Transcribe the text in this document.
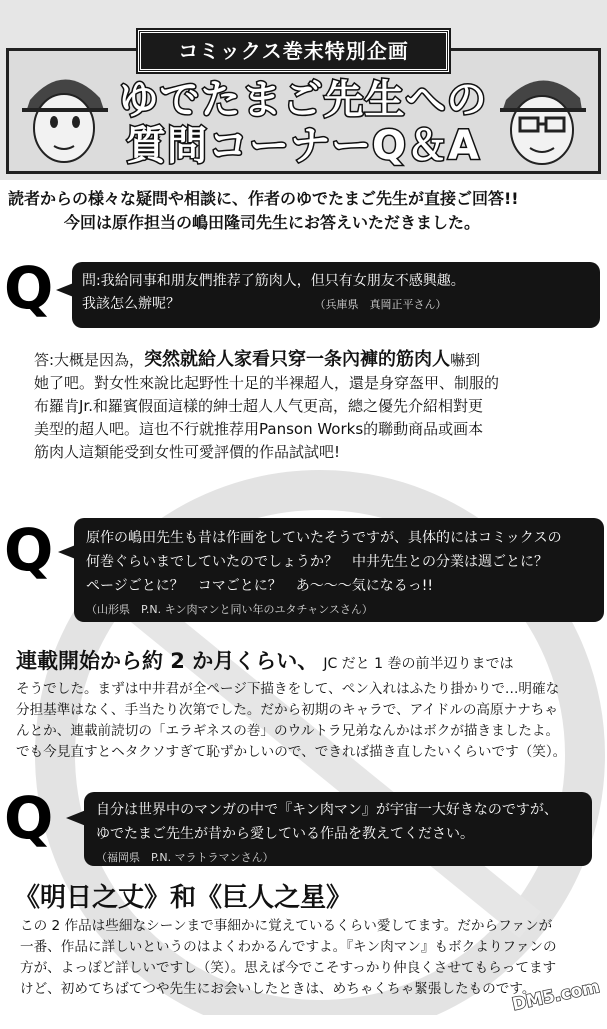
コミックス巻末特別企画
ゆでたまご先生への
質問コーナーQ＆A
読者からの様々な疑問や相談に、作者のゆでたまご先生が直接ご回答!!
今回は原作担当の嶋田隆司先生にお答えいただきました。
Q 問:我給同事和朋友們推荐了筋肉人，但只有女朋友不感興趣。
我該怎么辦呢？	（兵庫県　真岡正平さん）
答:大概是因為，突然就給人家看只穿一条內褲的筋肉人嚇到
她了吧。對女性來說比起野性十足的半裸超人，還是身穿盔甲、制服的
布羅肯Jr.和羅賓假面這樣的紳士超人人气更高，總之優先介紹相對更
美型的超人吧。這也不行就推荐用Panson Works的聯動商品或画本
筋肉人這類能受到女性可愛評價的作品試試吧!
Q 原作の嶋田先生も昔は作画をしていたそうですが、具体的にはコミックスの
何巻ぐらいまでしていたのでしょうか？　中井先生との分業は週ごとに？
ページごとに？　コマごとに？　あ〜〜〜気になるっ!!
（山形県　P.N. キン肉マンと同い年のユタチャンスさん）
連載開始から約 2 か月くらい、 JC だと 1 巻の前半辺りまでは
そうでした。まずは中井君が全ページ下描きをして、ペン入れはふたり掛かりで…明確な
分担基準はなく、手当たり次第でした。だから初期のキャラで、アイドルの高原ナナちゃ
んとか、連載前読切の「エラギネスの巻」のウルトラ兄弟なんかはボクが描きましたよ。
でも今見直すとヘタクソすぎて恥ずかしいので、できれば描き直したいくらいです（笑）。
Q	自分は世界中のマンガの中で『キン肉マン』が宇宙一大好きなのですが、
ゆでたまご先生が昔から愛している作品を教えてください。
（福岡県　P.N. マラトラマンさん）
《明日之丈》和《巨人之星》
この 2 作品は些細なシーンまで事細かに覚えているくらい愛してます。だからファンが
一番、作品に詳しいというのはよくわかるんですよ。『キン肉マン』もボクよりファンの
方が、よっぽど詳しいですし（笑）。思えば今でこそすっかり仲良くさせてもらってます
けど、初めてちばてつや先生にお会いしたときは、めちゃくちゃ緊張したものです。
DM5.com
